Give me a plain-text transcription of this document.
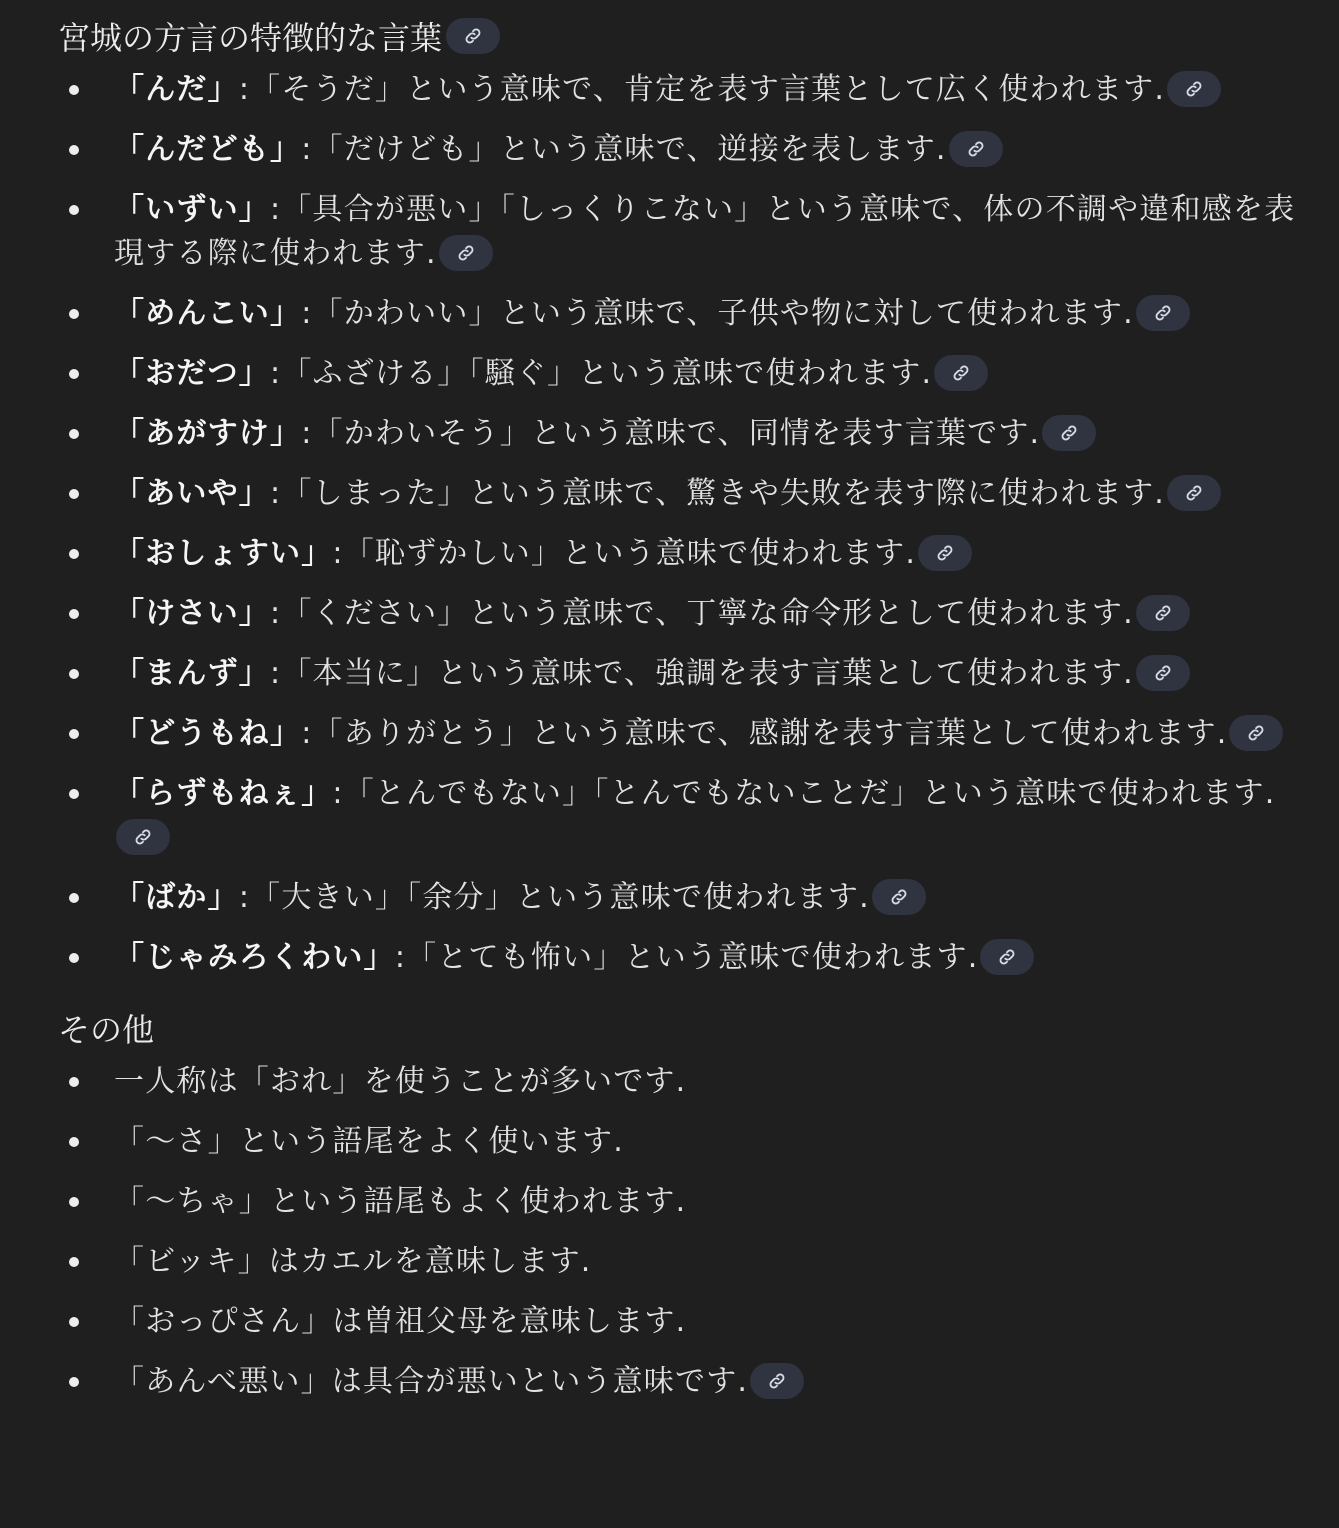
宮城の方言の特徴的な言葉
「んだ」:「そうだ」という意味で、肯定を表す言葉として広く使われます.
「んだども」:「だけども」という意味で、逆接を表します.
「いずい」:「具合が悪い」「しっくりこない」という意味で、体の不調や違和感を表現する際に使われます.
「めんこい」:「かわいい」という意味で、子供や物に対して使われます.
「おだつ」:「ふざける」「騒ぐ」という意味で使われます.
「あがすけ」:「かわいそう」という意味で、同情を表す言葉です.
「あいや」:「しまった」という意味で、驚きや失敗を表す際に使われます.
「おしょすい」:「恥ずかしい」という意味で使われます.
「けさい」:「ください」という意味で、丁寧な命令形として使われます.
「まんず」:「本当に」という意味で、強調を表す言葉として使われます.
「どうもね」:「ありがとう」という意味で、感謝を表す言葉として使われます.
「らずもねぇ」:「とんでもない」「とんでもないことだ」という意味で使われます.
「ばか」:「大きい」「余分」という意味で使われます.
「じゃみろくわい」:「とても怖い」という意味で使われます.
その他
一人称は「おれ」を使うことが多いです.
「〜さ」という語尾をよく使います.
「〜ちゃ」という語尾もよく使われます.
「ビッキ」はカエルを意味します.
「おっぴさん」は曽祖父母を意味します.
「あんべ悪い」は具合が悪いという意味です.
